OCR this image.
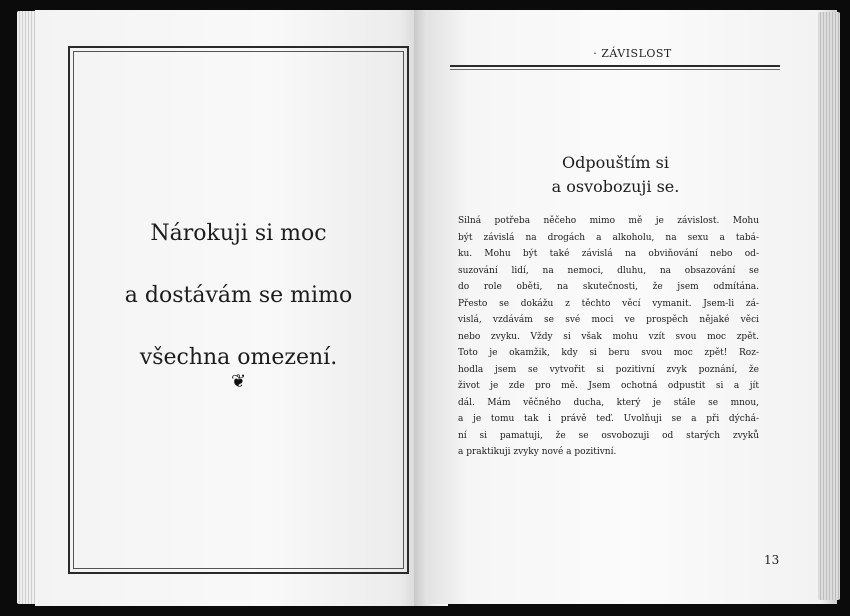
Nárokuji si moc
a dostávám se mimo
všechna omezení.

❦
· ZÁVISLOST
Odpouštím si
a osvobozuji se.
Silná potřeba něčeho mimo mě je závislost. Mohu
být závislá na drogách a alkoholu, na sexu a tabá-
ku. Mohu být také závislá na obviňování nebo od-
suzování lidí, na nemoci, dluhu, na obsazování se
do role oběti, na skutečnosti, že jsem odmítána.
Přesto se dokážu z těchto věcí vymanit. Jsem-li zá-
vislá, vzdávám se své moci ve prospěch nějaké věci
nebo zvyku. Vždy si však mohu vzít svou moc zpět.
Toto je okamžik, kdy si beru svou moc zpět! Roz-
hodla jsem se vytvořit si pozitivní zvyk poznání, že
život je zde pro mě. Jsem ochotná odpustit si a jít
dál. Mám věčného ducha, který je stále se mnou,
a je tomu tak i právě teď. Uvolňuji se a při dýchá-
ní si pamatuji, že se osvobozuji od starých zvyků
a praktikuji zvyky nové a pozitivní.
13
